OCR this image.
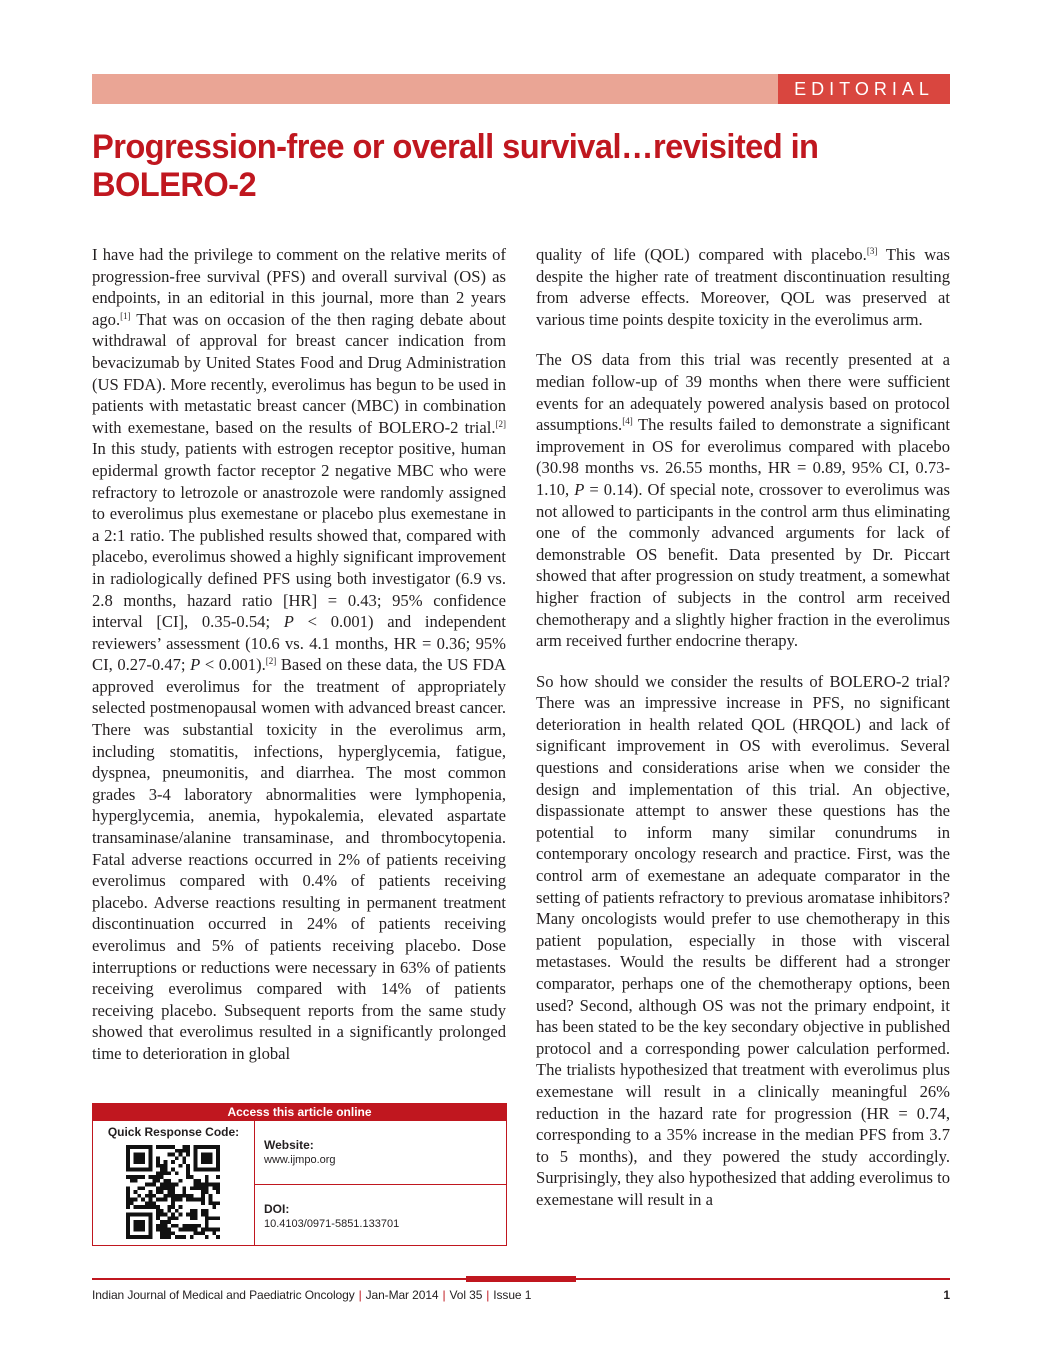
EDITORIAL
Progression-free or overall survival…revisited in BOLERO-2

I have had the privilege to comment on the relative merits of progression-free survival (PFS) and overall survival (OS) as endpoints, in an editorial in this journal, more than 2 years ago.[1] That was on occasion of the then raging debate about withdrawal of approval for breast cancer indication from bevacizumab by United States Food and Drug Administration (US FDA). More recently, everolimus has begun to be used in patients with metastatic breast cancer (MBC) in combination with exemestane, based on the results of BOLERO-2 trial.[2] In this study, patients with estrogen receptor positive, human epidermal growth factor receptor 2 negative MBC who were refractory to letrozole or anastrozole were randomly assigned to everolimus plus exemestane or placebo plus exemestane in a 2:1 ratio. The published results showed that, compared with placebo, everolimus showed a highly significant improvement in radiologically defined PFS using both investigator (6.9 vs. 2.8 months, hazard ratio [HR] = 0.43; 95% confidence interval [CI], 0.35-0.54; P < 0.001) and independent reviewers’ assessment (10.6 vs. 4.1 months, HR = 0.36; 95% CI, 0.27-0.47; P < 0.001).[2] Based on these data, the US FDA approved everolimus for the treatment of appropriately selected postmenopausal women with advanced breast cancer. There was substantial toxicity in the everolimus arm, including stomatitis, infections, hyperglycemia, fatigue, dyspnea, pneumonitis, and diarrhea. The most common grades 3-4 laboratory abnormalities were lymphopenia, hyperglycemia, anemia, hypokalemia, elevated aspartate transaminase/alanine transaminase, and thrombocytopenia. Fatal adverse reactions occurred in 2% of patients receiving everolimus compared with 0.4% of patients receiving placebo. Adverse reactions resulting in permanent treatment discontinuation occurred in 24% of patients receiving everolimus and 5% of patients receiving placebo. Dose interruptions or reductions were necessary in 63% of patients receiving everolimus compared with 14% of patients receiving placebo. Subsequent reports from the same study showed that everolimus resulted in a significantly prolonged time to deterioration in global

quality of life (QOL) compared with placebo.[3] This was despite the higher rate of treatment discontinuation resulting from adverse effects. Moreover, QOL was preserved at various time points despite toxicity in the everolimus arm.

The OS data from this trial was recently presented at a median follow-up of 39 months when there were sufficient events for an adequately powered analysis based on protocol assumptions.[4] The results failed to demonstrate a significant improvement in OS for everolimus compared with placebo (30.98 months vs. 26.55 months, HR = 0.89, 95% CI, 0.73-1.10, P = 0.14). Of special note, crossover to everolimus was not allowed to participants in the control arm thus eliminating one of the commonly advanced arguments for lack of demonstrable OS benefit. Data presented by Dr. Piccart showed that after progression on study treatment, a somewhat higher fraction of subjects in the control arm received chemotherapy and a slightly higher fraction in the everolimus arm received further endocrine therapy.

So how should we consider the results of BOLERO-2 trial? There was an impressive increase in PFS, no significant deterioration in health related QOL (HRQOL) and lack of significant improvement in OS with everolimus. Several questions and considerations arise when we consider the design and implementation of this trial. An objective, dispassionate attempt to answer these questions has the potential to inform many similar conundrums in contemporary oncology research and practice. First, was the control arm of exemestane an adequate comparator in the setting of patients refractory to previous aromatase inhibitors? Many oncologists would prefer to use chemotherapy in this patient population, especially in those with visceral metastases. Would the results be different had a stronger comparator, perhaps one of the chemotherapy options, been used? Second, although OS was not the primary endpoint, it has been stated to be the key secondary objective in published protocol and a corresponding power calculation performed. The trialists hypothesized that treatment with everolimus plus exemestane will result in a clinically meaningful 26% reduction in the hazard rate for progression (HR = 0.74, corresponding to a 35% increase in the median PFS from 3.7 to 5 months), and they powered the study accordingly. Surprisingly, they also hypothesized that adding everolimus to exemestane will result in a

Access this article online
Quick Response Code:
Website:
www.ijmpo.org
DOI:
10.4103/0971-5851.133701
Indian Journal of Medical and Paediatric Oncology | Jan-Mar 2014 | Vol 35 | Issue 1	1
